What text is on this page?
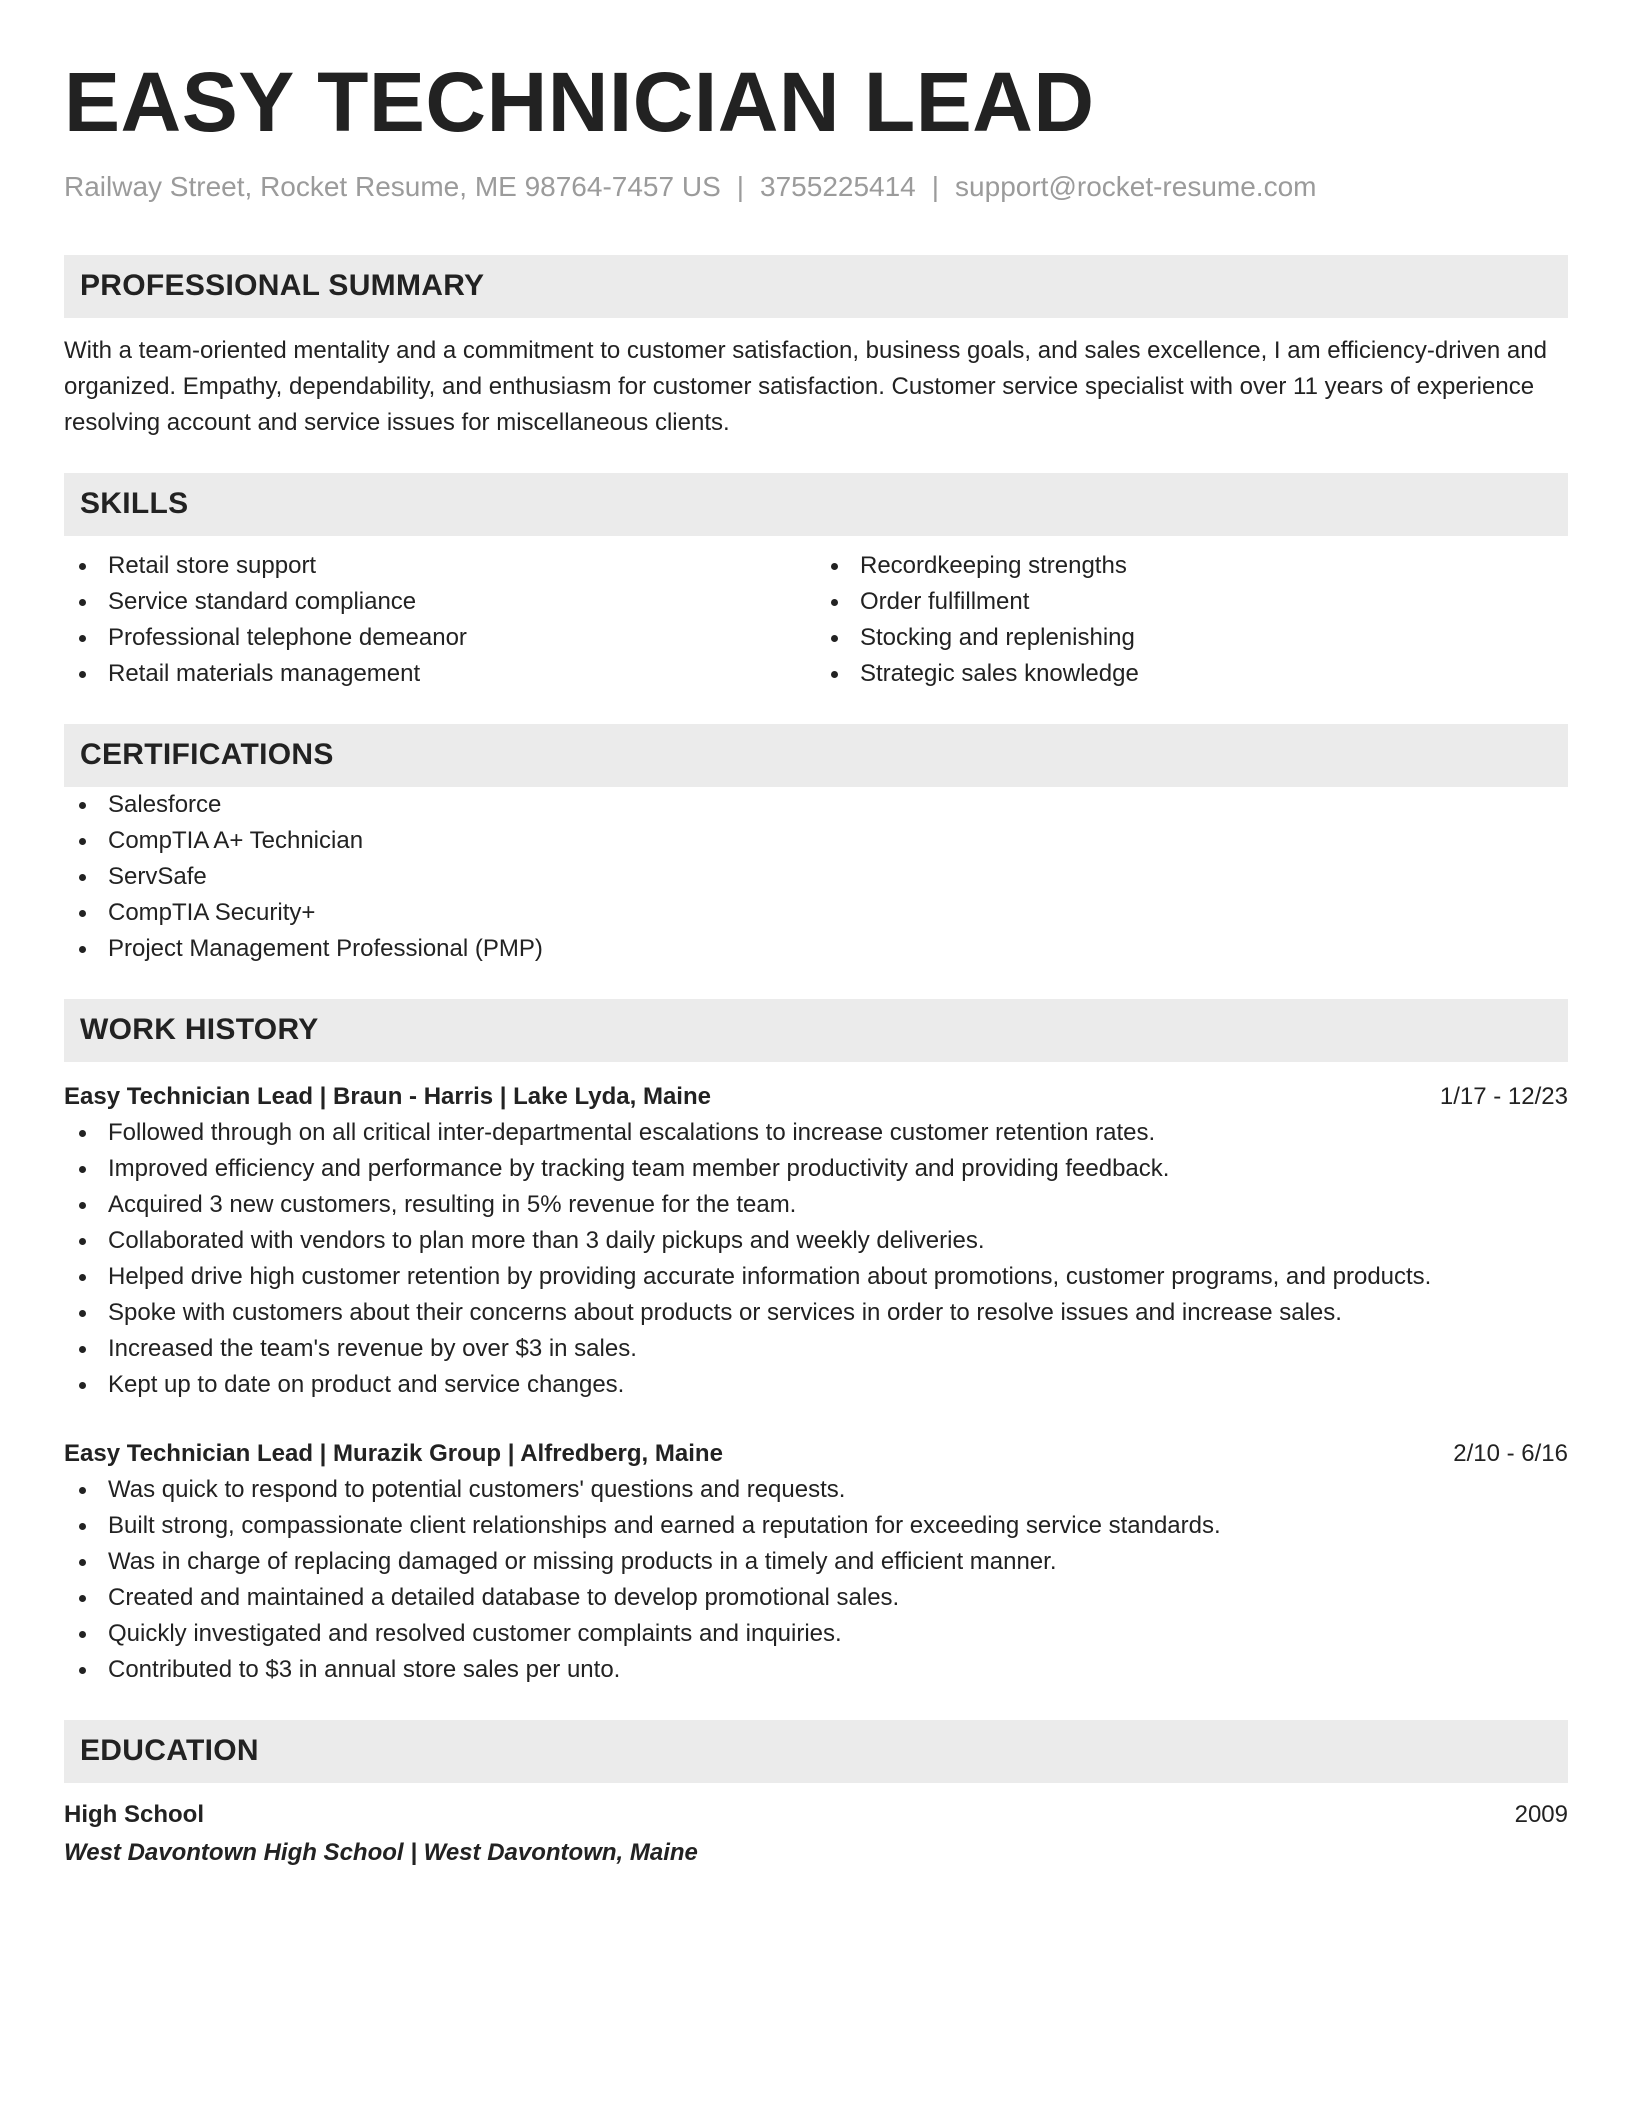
EASY TECHNICIAN LEAD
Railway Street, Rocket Resume, ME 98764-7457 US | 3755225414 | support@rocket-resume.com
PROFESSIONAL SUMMARY
With a team-oriented mentality and a commitment to customer satisfaction, business goals, and sales excellence, I am efficiency-driven and organized. Empathy, dependability, and enthusiasm for customer satisfaction. Customer service specialist with over 11 years of experience resolving account and service issues for miscellaneous clients.
SKILLS
Retail store support
Service standard compliance
Professional telephone demeanor
Retail materials management
Recordkeeping strengths
Order fulfillment
Stocking and replenishing
Strategic sales knowledge
CERTIFICATIONS
Salesforce
CompTIA A+ Technician
ServSafe
CompTIA Security+
Project Management Professional (PMP)
WORK HISTORY
Easy Technician Lead | Braun - Harris | Lake Lyda, Maine	1/17 - 12/23
Followed through on all critical inter-departmental escalations to increase customer retention rates.
Improved efficiency and performance by tracking team member productivity and providing feedback.
Acquired 3 new customers, resulting in 5% revenue for the team.
Collaborated with vendors to plan more than 3 daily pickups and weekly deliveries.
Helped drive high customer retention by providing accurate information about promotions, customer programs, and products.
Spoke with customers about their concerns about products or services in order to resolve issues and increase sales.
Increased the team's revenue by over $3 in sales.
Kept up to date on product and service changes.
Easy Technician Lead | Murazik Group | Alfredberg, Maine	2/10 - 6/16
Was quick to respond to potential customers' questions and requests.
Built strong, compassionate client relationships and earned a reputation for exceeding service standards.
Was in charge of replacing damaged or missing products in a timely and efficient manner.
Created and maintained a detailed database to develop promotional sales.
Quickly investigated and resolved customer complaints and inquiries.
Contributed to $3 in annual store sales per unto.
EDUCATION
High School	2009
West Davontown High School | West Davontown, Maine
